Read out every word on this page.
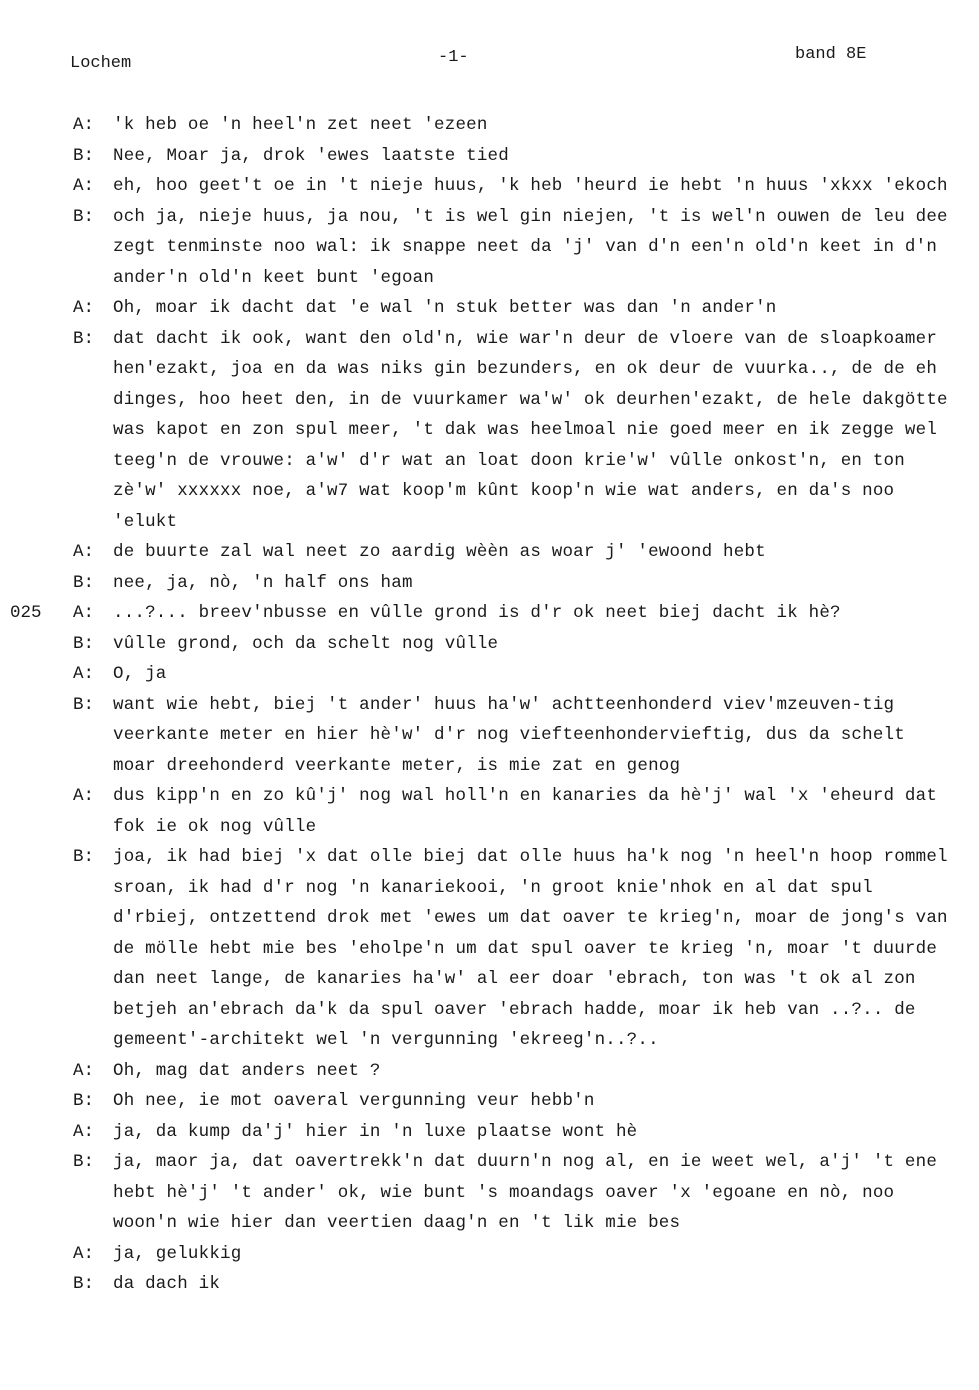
Lochem	-1-	band 8E
A:	'k heb oe 'n heel'n zet neet 'ezeen
B:	Nee, Moar ja, drok 'ewes laatste tied
A:	eh, hoo geet't oe in 't nieje huus, 'k heb 'heurd ie hebt 'n huus 'xkxx 'ekoch
B:	och ja, nieje huus, ja nou, 't is wel gin niejen, 't is wel'n ouwen de leu dee zegt tenminste noo wal: ik snappe neet da 'j' van d'n een'n old'n keet in d'n ander'n old'n keet bunt 'egoan
A:	Oh, moar ik dacht dat 'e wal 'n stuk better was dan 'n ander'n
B:	dat dacht ik ook, want den old'n, wie war'n deur de vloere van de sloapkoamer hen'ezakt, joa en da was niks gin bezunders, en ok deur de vuurka.., de de eh dinges, hoo heet den, in de vuurkamer wa'w' ok deurhen'ezakt, de hele dakgötte was kapot en zon spul meer, 't dak was heelmoal nie goed meer en ik zegge wel teeg'n de vrouwe: a'w' d'r wat an loat doon krie'w' vûlle onkost'n, en ton zè'w' xxxxxx noe, a'w7 wat koop'm kûnt koop'n wie wat anders, en da's noo 'elukt
A:	de buurte zal wal neet zo aardig wèèn as woar j' 'ewoond hebt
B:	nee, ja, nò, 'n half ons ham
025	A:	...?... breev'nbusse en vûlle grond is d'r ok neet biej dacht ik hè?
B:	vûlle grond, och da schelt nog vûlle
A:	O, ja
B:	want wie hebt, biej 't ander' huus ha'w' achtteenhonderd viev'mzeuven-tig veerkante meter en hier hè'w' d'r nog viefteenhondervieftig, dus da schelt moar dreehonderd veerkante meter, is mie zat en genog
A:	dus kipp'n en zo kû'j' nog wal holl'n en kanaries da hè'j' wal 'x 'eheurd dat fok ie ok nog vûlle
B:	joa, ik had biej 'x dat olle biej dat olle huus ha'k nog 'n heel'n hoop rommel sroan, ik had d'r nog 'n kanariekooi, 'n groot knie'nhok en al dat spul d'rbiej, ontzettend drok met 'ewes um dat oaver te krieg'n, moar de jong's van de mölle hebt mie bes 'eholpe'n um dat spul oaver te krieg 'n, moar 't duurde dan neet lange, de kanaries ha'w' al eer doar 'ebrach, ton was 't ok al zon betjeh an'ebrach da'k da spul oaver 'ebrach hadde, moar ik heb van ..?.. de gemeent'-architekt wel 'n vergunning 'ekreeg'n..?..
A:	Oh, mag dat anders neet ?
B:	Oh nee, ie mot oaveral vergunning veur hebb'n
A:	ja, da kump da'j' hier in 'n luxe plaatse wont hè
B:	ja, maor ja, dat oavertrekk'n dat duurn'n nog al, en ie weet wel, a'j' 't ene hebt hè'j' 't ander' ok, wie bunt 's moandags oaver 'x 'egoane en nò, noo woon'n wie hier dan veertien daag'n en 't lik mie bes
A:	ja, gelukkig
B:	da dach ik
